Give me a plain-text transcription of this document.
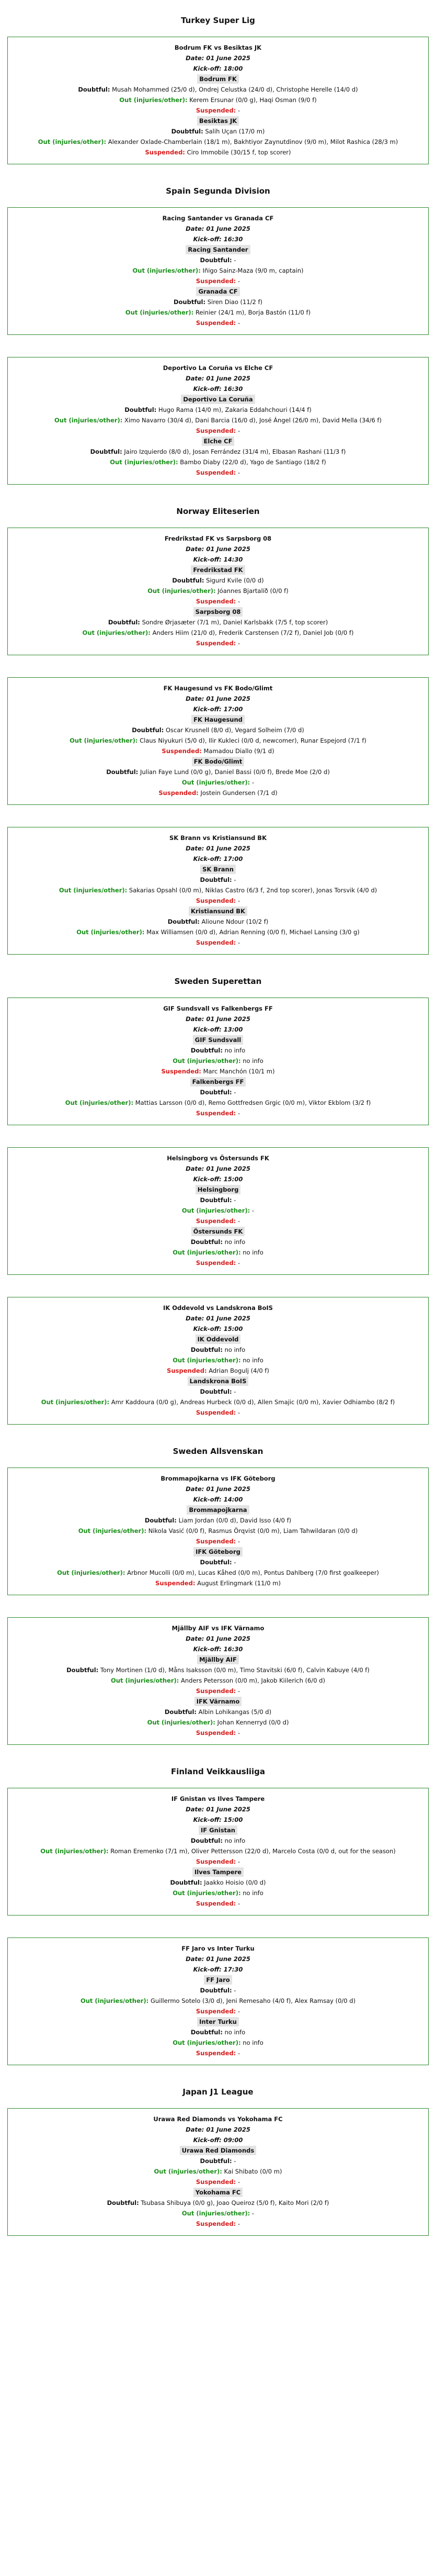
Turkey Super Lig
Bodrum FK vs Besiktas JK
Date: 01 June 2025
Kick-off: 18:00
Bodrum FK
Doubtful: Musah Mohammed (25/0 d), Ondrej Celustka (24/0 d), Christophe Herelle (14/0 d)
Out (injuries/other): Kerem Ersunar (0/0 g), Haqi Osman (9/0 f)
Suspended: -
Besiktas JK
Doubtful: Salih Uçan (17/0 m)
Out (injuries/other): Alexander Oxlade-Chamberlain (18/1 m), Bakhtiyor Zaynutdinov (9/0 m), Milot Rashica (28/3 m)
Suspended: Ciro Immobile (30/15 f, top scorer)
Spain Segunda Division
Racing Santander vs Granada CF
Date: 01 June 2025
Kick-off: 16:30
Racing Santander
Doubtful: -
Out (injuries/other): Iñigo Sainz-Maza (9/0 m, captain)
Suspended: -
Granada CF
Doubtful: Siren Diao (11/2 f)
Out (injuries/other): Reinier (24/1 m), Borja Bastón (11/0 f)
Suspended: -
Deportivo La Coruña vs Elche CF
Date: 01 June 2025
Kick-off: 16:30
Deportivo La Coruña
Doubtful: Hugo Rama (14/0 m), Zakaria Eddahchouri (14/4 f)
Out (injuries/other): Ximo Navarro (30/4 d), Dani Barcia (16/0 d), José Ángel (26/0 m), David Mella (34/6 f)
Suspended: -
Elche CF
Doubtful: Jairo Izquierdo (8/0 d), Josan Ferrández (31/4 m), Elbasan Rashani (11/3 f)
Out (injuries/other): Bambo Diaby (22/0 d), Yago de Santiago (18/2 f)
Suspended: -
Norway Eliteserien
Fredrikstad FK vs Sarpsborg 08
Date: 01 June 2025
Kick-off: 14:30
Fredrikstad FK
Doubtful: Sigurd Kvile (0/0 d)
Out (injuries/other): Jóannes Bjartalíð (0/0 f)
Suspended: -
Sarpsborg 08
Doubtful: Sondre Ørjasæter (7/1 m), Daniel Karlsbakk (7/5 f, top scorer)
Out (injuries/other): Anders Hiim (21/0 d), Frederik Carstensen (7/2 f), Daniel Job (0/0 f)
Suspended: -
FK Haugesund vs FK Bodo/Glimt
Date: 01 June 2025
Kick-off: 17:00
FK Haugesund
Doubtful: Oscar Krusnell (8/0 d), Vegard Solheim (7/0 d)
Out (injuries/other): Claus Niyukuri (5/0 d), Ilir Kukleci (0/0 d, newcomer), Runar Espejord (7/1 f)
Suspended: Mamadou Diallo (9/1 d)
FK Bodo/Glimt
Doubtful: Julian Faye Lund (0/0 g), Daniel Bassi (0/0 f), Brede Moe (2/0 d)
Out (injuries/other): -
Suspended: Jostein Gundersen (7/1 d)
SK Brann vs Kristiansund BK
Date: 01 June 2025
Kick-off: 17:00
SK Brann
Doubtful: -
Out (injuries/other): Sakarias Opsahl (0/0 m), Niklas Castro (6/3 f, 2nd top scorer), Jonas Torsvik (4/0 d)
Suspended: -
Kristiansund BK
Doubtful: Alioune Ndour (10/2 f)
Out (injuries/other): Max Williamsen (0/0 d), Adrian Renning (0/0 f), Michael Lansing (3/0 g)
Suspended: -
Sweden Superettan
GIF Sundsvall vs Falkenbergs FF
Date: 01 June 2025
Kick-off: 13:00
GIF Sundsvall
Doubtful: no info
Out (injuries/other): no info
Suspended: Marc Manchón (10/1 m)
Falkenbergs FF
Doubtful: -
Out (injuries/other): Mattias Larsson (0/0 d), Remo Gottfredsen Grgic (0/0 m), Viktor Ekblom (3/2 f)
Suspended: -
Helsingborg vs Östersunds FK
Date: 01 June 2025
Kick-off: 15:00
Helsingborg
Doubtful: -
Out (injuries/other): -
Suspended: -
Östersunds FK
Doubtful: no info
Out (injuries/other): no info
Suspended: -
IK Oddevold vs Landskrona BoIS
Date: 01 June 2025
Kick-off: 15:00
IK Oddevold
Doubtful: no info
Out (injuries/other): no info
Suspended: Adrian Bogulj (4/0 f)
Landskrona BoIS
Doubtful: -
Out (injuries/other): Amr Kaddoura (0/0 g), Andreas Hurbeck (0/0 d), Allen Smajic (0/0 m), Xavier Odhiambo (8/2 f)
Suspended: -
Sweden Allsvenskan
Brommapojkarna vs IFK Göteborg
Date: 01 June 2025
Kick-off: 14:00
Brommapojkarna
Doubtful: Liam Jordan (0/0 d), David Isso (4/0 f)
Out (injuries/other): Nikola Vasić (0/0 f), Rasmus Örqvist (0/0 m), Liam Tahwildaran (0/0 d)
Suspended: -
IFK Göteborg
Doubtful: -
Out (injuries/other): Arbnor Mucolli (0/0 m), Lucas Kåhed (0/0 m), Pontus Dahlberg (7/0 first goalkeeper)
Suspended: August Erlingmark (11/0 m)
Mjällby AIF vs IFK Värnamo
Date: 01 June 2025
Kick-off: 16:30
Mjällby AIF
Doubtful: Tony Mortinen (1/0 d), Måns Isaksson (0/0 m), Timo Stavitski (6/0 f), Calvin Kabuye (4/0 f)
Out (injuries/other): Anders Petersson (0/0 m), Jakob Kiilerich (6/0 d)
Suspended: -
IFK Värnamo
Doubtful: Albin Lohikangas (5/0 d)
Out (injuries/other): Johan Kennerryd (0/0 d)
Suspended: -
Finland Veikkausliiga
IF Gnistan vs Ilves Tampere
Date: 01 June 2025
Kick-off: 15:00
IF Gnistan
Doubtful: no info
Out (injuries/other): Roman Eremenko (7/1 m), Oliver Pettersson (22/0 d), Marcelo Costa (0/0 d, out for the season)
Suspended: -
Ilves Tampere
Doubtful: Jaakko Hoisio (0/0 d)
Out (injuries/other): no info
Suspended: -
FF Jaro vs Inter Turku
Date: 01 June 2025
Kick-off: 17:30
FF Jaro
Doubtful: -
Out (injuries/other): Guillermo Sotelo (3/0 d), Jeni Remesaho (4/0 f), Alex Ramsay (0/0 d)
Suspended: -
Inter Turku
Doubtful: no info
Out (injuries/other): no info
Suspended: -
Japan J1 League
Urawa Red Diamonds vs Yokohama FC
Date: 01 June 2025
Kick-off: 09:00
Urawa Red Diamonds
Doubtful: -
Out (injuries/other): Kai Shibato (0/0 m)
Suspended: -
Yokohama FC
Doubtful: Tsubasa Shibuya (0/0 g), Joao Queiroz (5/0 f), Kaito Mori (2/0 f)
Out (injuries/other): -
Suspended: -
